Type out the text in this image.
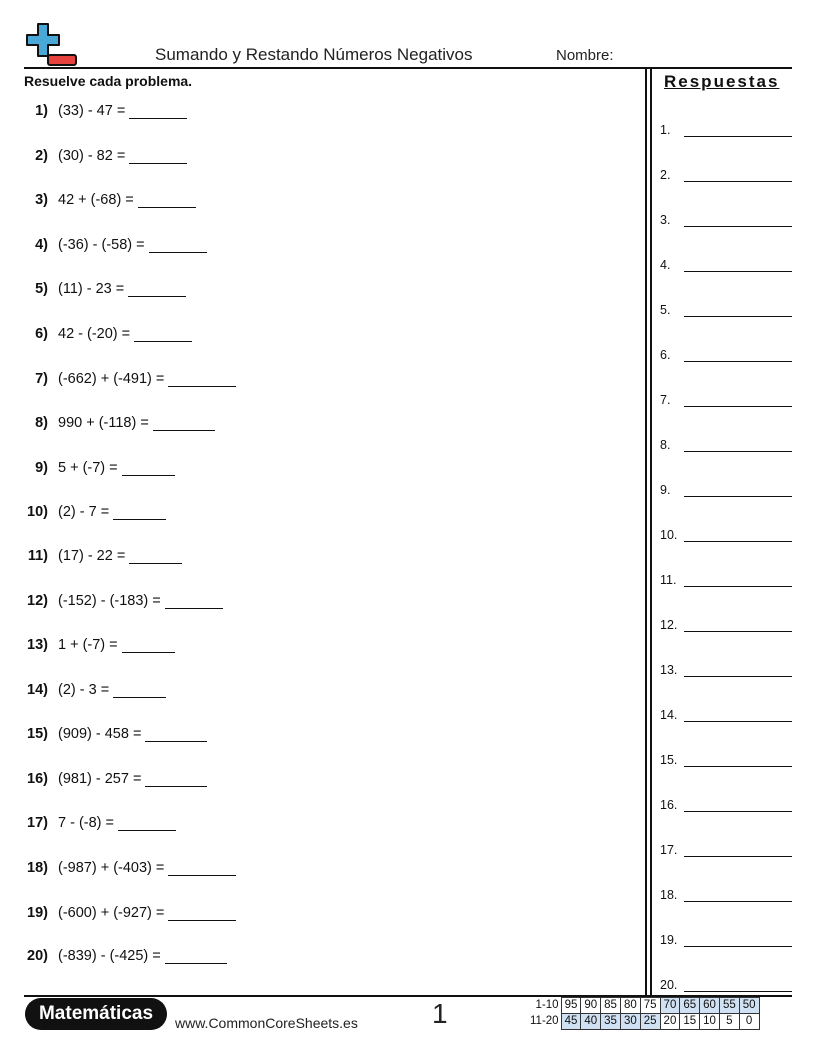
Sumando y Restando Números Negativos	Nombre:
Resuelve cada problema.
1) (33) - 47 =
2) (30) - 82 =
3) 42 + (-68) =
4) (-36) - (-58) =
5) (11) - 23 =
6) 42 - (-20) =
7) (-662) + (-491) =
8) 990 + (-118) =
9) 5 + (-7) =
10) (2) - 7 =
11) (17) - 22 =
12) (-152) - (-183) =
13) 1 + (-7) =
14) (2) - 3 =
15) (909) - 458 =
16) (981) - 257 =
17) 7 - (-8) =
18) (-987) + (-403) =
19) (-600) + (-927) =
20) (-839) - (-425) =
Respuestas
1.
2.
3.
4.
5.
6.
7.
8.
9.
10.
11.
12.
13.
14.
15.
16.
17.
18.
19.
20.
Matemáticas	www.CommonCoreSheets.es	1	1-10	95	90	85	80	75	70	65	60	55	50
11-20	45	40	35	30	25	20	15	10	5	0
